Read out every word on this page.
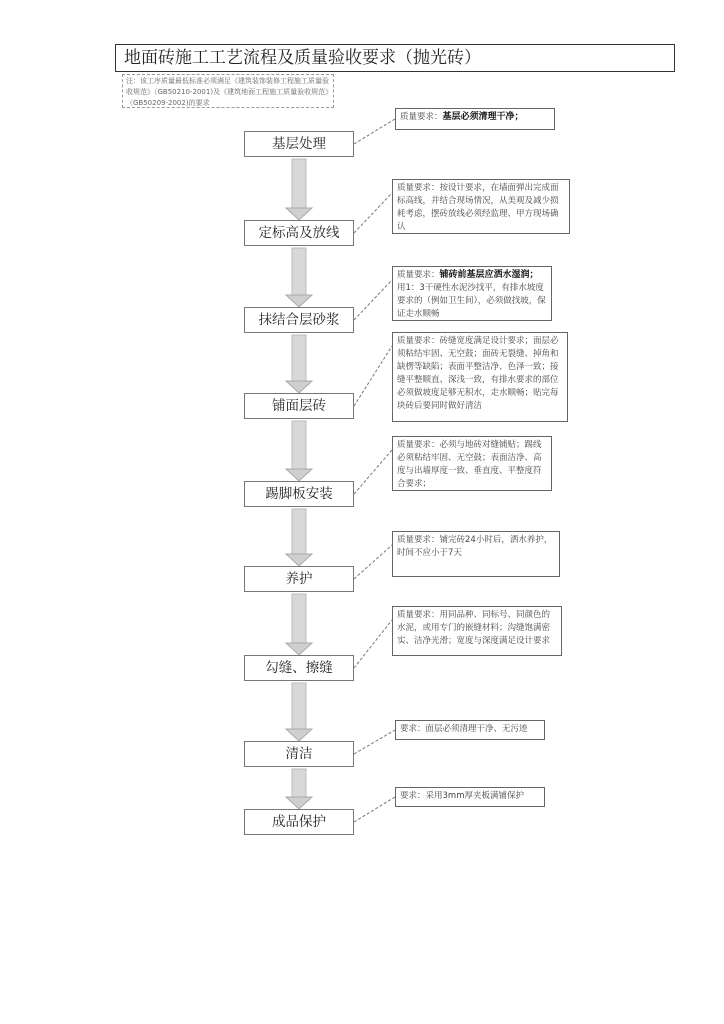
地面砖施工工艺流程及质量验收要求（抛光砖）
注：该工序质量最低标准必须满足《建筑装饰装修工程施工质量验收规范》（GB50210-2001)及《建筑地面工程施工质量验收规范》（GB50209-2002)的要求
基层处理
定标高及放线
抹结合层砂浆
铺面层砖
踢脚板安装
养护
勾缝、擦缝
清洁
成品保护
质量要求：基层必须清理干净；
质量要求：按设计要求，在墙面弹出完成面标高线，并结合现场情况，从美观及减少损耗考虑，摆砖放线必须经监理、甲方现场确认
质量要求：铺砖前基层应洒水湿润；用1：3干硬性水泥沙找平，有排水坡度要求的（例如卫生间），必须做找坡，保证走水顺畅
质量要求：砖缝宽度满足设计要求；面层必须粘结牢固、无空鼓；面砖无裂缝、掉角和缺楞等缺陷；表面平整洁净、色泽一致；接缝平整顺直、深浅一致，有排水要求的部位必须做坡度足够无积水，走水顺畅；贴完每块砖后要同时做好清洁
质量要求：必须与地砖对缝铺贴；踢线必须粘结牢固、无空鼓；表面洁净、高度与出墙厚度一致、垂直度、平整度符合要求；
质量要求：铺完砖24小时后，洒水养护，时间不应小于7天
质量要求：用同品种、同标号、同颜色的水泥，或用专门的嵌缝材料；沟缝饱满密实、洁净光滑；宽度与深度满足设计要求
要求：面层必须清理干净、无污迹
要求：采用3mm厚夹板满铺保护
